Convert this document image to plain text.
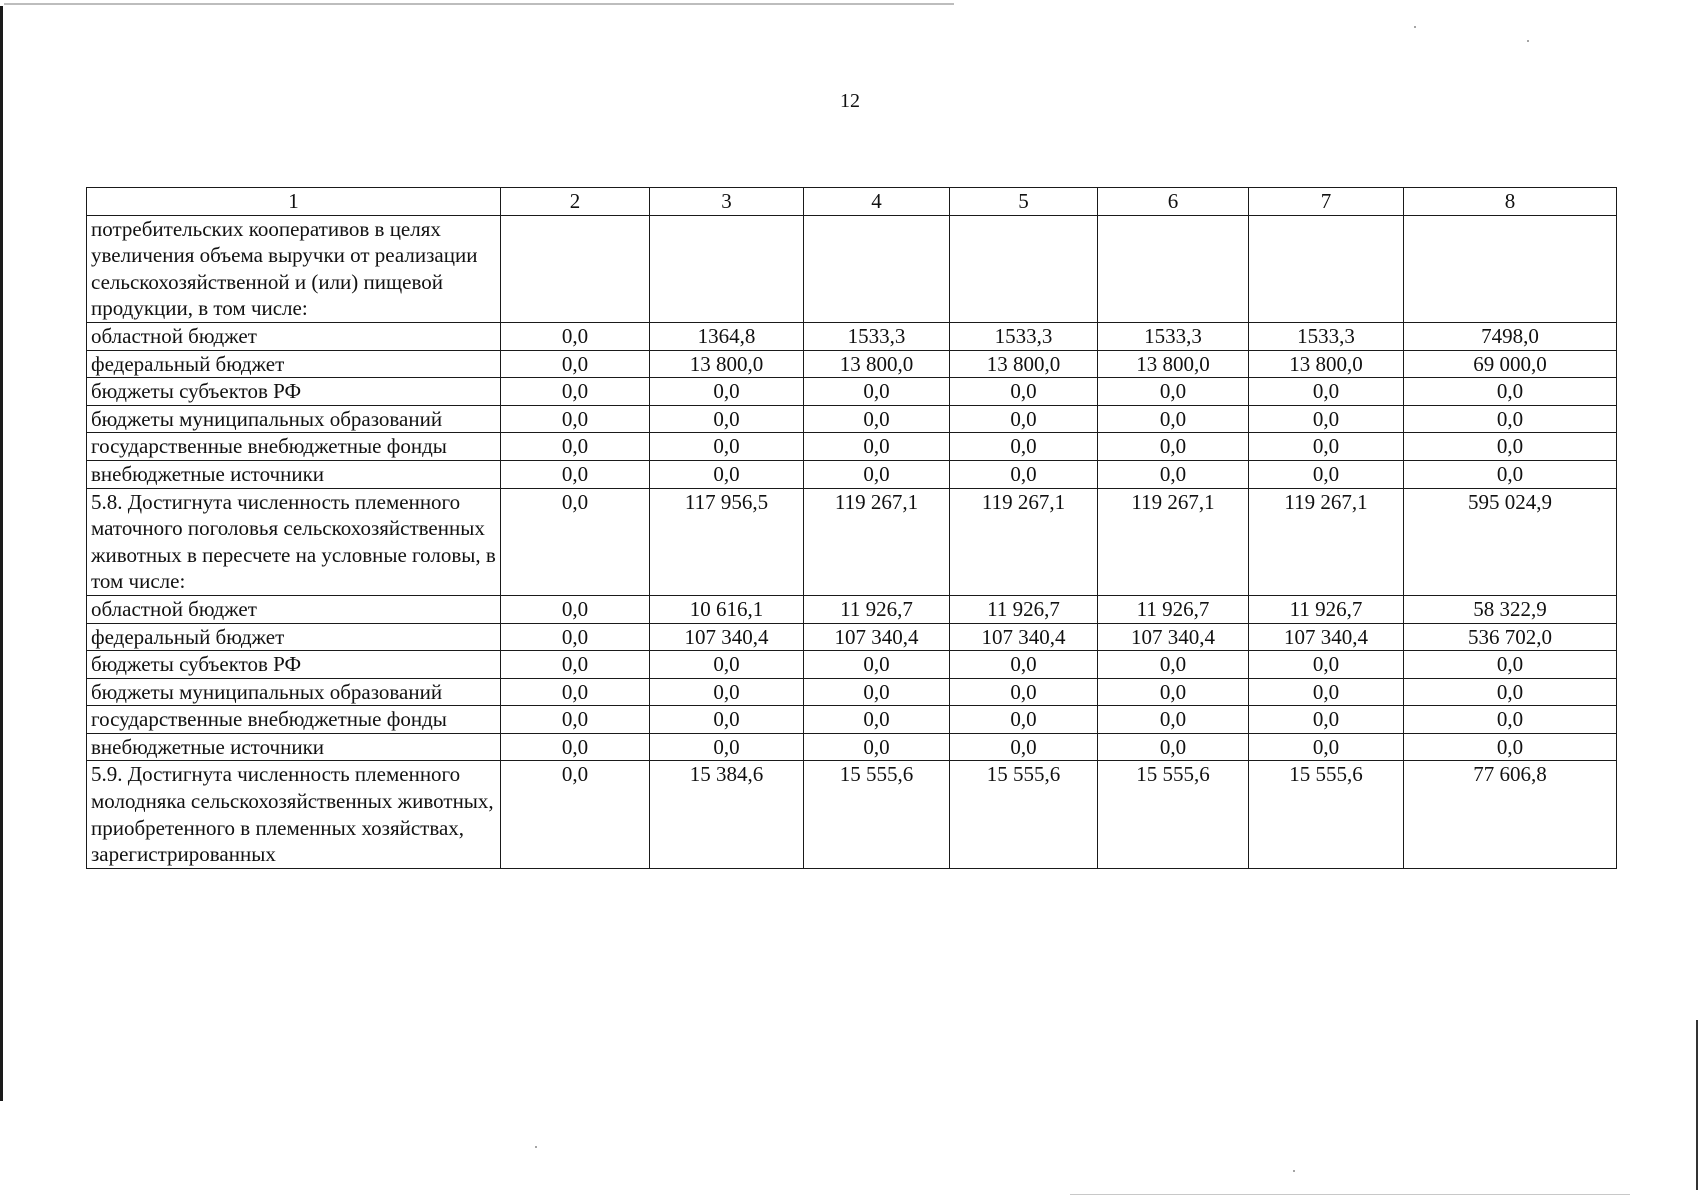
12
1	2	3	4	5	6	7	8
потребительских кооперативов в целях увеличения объема выручки от реализации сельскохозяйственной и (или) пищевой продукции, в том числе:							
областной бюджет	0,0	1364,8	1533,3	1533,3	1533,3	1533,3	7498,0
федеральный бюджет	0,0	13 800,0	13 800,0	13 800,0	13 800,0	13 800,0	69 000,0
бюджеты субъектов РФ	0,0	0,0	0,0	0,0	0,0	0,0	0,0
бюджеты муниципальных образований	0,0	0,0	0,0	0,0	0,0	0,0	0,0
государственные внебюджетные фонды	0,0	0,0	0,0	0,0	0,0	0,0	0,0
внебюджетные источники	0,0	0,0	0,0	0,0	0,0	0,0	0,0
5.8. Достигнута численность племенного маточного поголовья сельскохозяйственных животных в пересчете на условные головы, в том числе:	0,0	117 956,5	119 267,1	119 267,1	119 267,1	119 267,1	595 024,9
областной бюджет	0,0	10 616,1	11 926,7	11 926,7	11 926,7	11 926,7	58 322,9
федеральный бюджет	0,0	107 340,4	107 340,4	107 340,4	107 340,4	107 340,4	536 702,0
бюджеты субъектов РФ	0,0	0,0	0,0	0,0	0,0	0,0	0,0
бюджеты муниципальных образований	0,0	0,0	0,0	0,0	0,0	0,0	0,0
государственные внебюджетные фонды	0,0	0,0	0,0	0,0	0,0	0,0	0,0
внебюджетные источники	0,0	0,0	0,0	0,0	0,0	0,0	0,0
5.9. Достигнута численность племенного молодняка сельскохозяйственных животных, приобретенного в племенных хозяйствах, зарегистрированных	0,0	15 384,6	15 555,6	15 555,6	15 555,6	15 555,6	77 606,8
